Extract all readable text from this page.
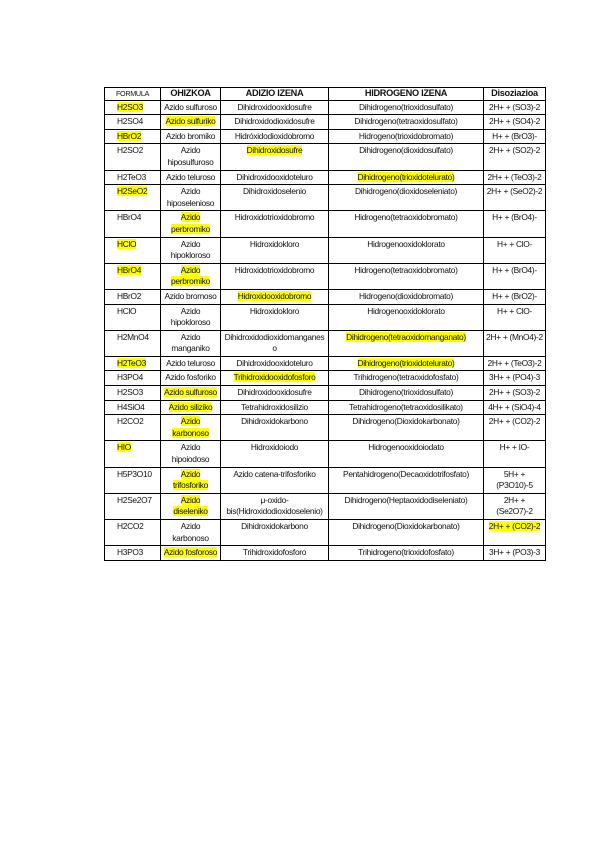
FORMULA	OHIZKOA	ADIZIO IZENA	HIDROGENO IZENA	Disoziazioa
H2SO3	Azido sulfuroso	Dihidroxidooxidosufre	Dihidrogeno(trioxidosulfato)	2H+ + (SO3)-2
H2SO4	Azido sulfuriko	Dihidroxidodioxidosufre	Dihidrogeno(tetraoxidosulfato)	2H+ + (SO4)-2
HBrO2	Azido bromiko	Hidróxidodioxidobromo	Hidrogeno(trioxidobromato)	H+ + (BrO3)-
H2SO2	Azido hiposulfuroso	Dihidroxidosufre	Dihidrogeno(dioxidosulfato)	2H+ + (SO2)-2
H2TeO3	Azido teluroso	Dihidroxidooxidoteluro	Dihidrogeno(trioxidotelurato)	2H+ + (TeO3)-2
H2SeO2	Azido hiposelenioso	Dihidroxidoselenio	Dihidrogeno(dioxidoseleniato)	2H+ + (SeO2)-2
HBrO4	Azido perbromiko	Hidroxidotrioxidobromo	Hidrogeno(tetraoxidobromato)	H+ + (BrO4)-
HClO	Azido hipokloroso	Hidroxidokloro	Hidrogenooxidoklorato	H+ + ClO-
HBrO4	Azido perbromiko	Hidroxidotrioxidobromo	Hidrogeno(tetraoxidobromato)	H+ + (BrO4)-
HBrO2	Azido bromoso	Hidroxidooxidobromo	Hidrogeno(dioxidobromato)	H+ + (BrO2)-
HClO	Azido hipokloroso	Hidroxidokloro	Hidrogenooxidoklorato	H+ + ClO-
H2MnO4	Azido manganiko	Dihidroxidodioxidomanganeso	Dihidrogeno(tetraoxidomanganato)	2H+ + (MnO4)-2
H2TeO3	Azido teluroso	Dihidroxidooxidoteluro	Dihidrogeno(trioxidotelurato)	2H+ + (TeO3)-2
H3PO4	Azido fosforiko	Trihidroxidooxidofosforo	Trihidrogeno(tetraoxidofosfato)	3H+ + (PO4)-3
H2SO3	Azido sulfuroso	Dihidroxidooxidosufre	Dihidrogeno(trioxidosulfato)	2H+ + (SO3)-2
H4SiO4	Azido siliziko	Tetrahidroxidosilizio	Tetrahidrogeno(tetraoxidosilikato)	4H+ + (SiO4)-4
H2CO2	Azido karbonoso	Dihidroxidokarbono	Dihidrogeno(Dioxidokarbonato)	2H+ + (CO2)-2
HIO	Azido hipoiodoso	Hidroxidoiodo	Hidrogenooxidoiodato	H+ + IO-
H5P3O10	Azido trifosforiko	Azido catena-trifosforiko	Pentahidrogeno(Decaoxidotrifosfato)	5H+ + (P3O10)-5
H2Se2O7	Azido diseleniko	μ-oxido-bis(Hidroxidodioxidoselenio)	Dihidrogeno(Heptaoxidodiseleniato)	2H+ + (Se2O7)-2
H2CO2	Azido karbonoso	Dihidroxidokarbono	Dihidrogeno(Dioxidokarbonato)	2H+ + (CO2)-2
H3PO3	Azido fosforoso	Trihidroxidofosforo	Trihidrogeno(trioxidofosfato)	3H+ + (PO3)-3
